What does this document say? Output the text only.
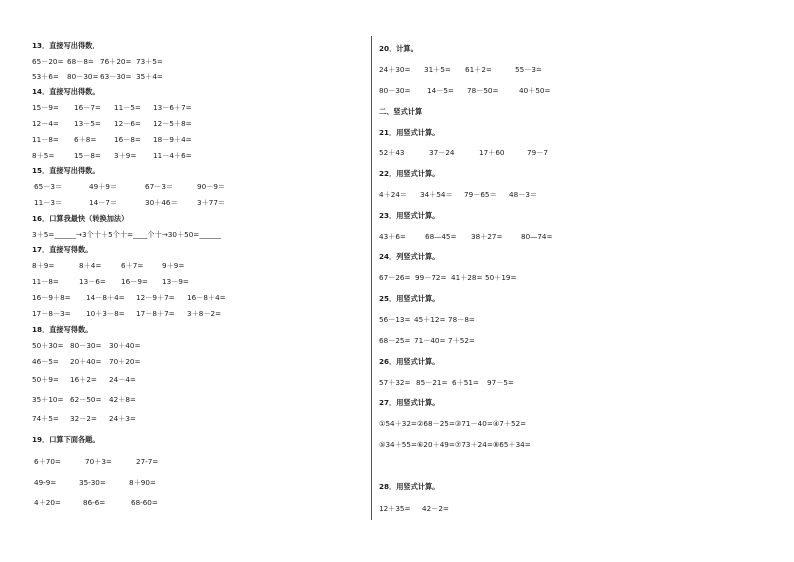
13．直接写出得数．
65－20= 68－8= 76＋20= 73＋5=
53＋6= 80－30= 63－30= 35＋4=
14．直接写出得数。
15－9= 16－7= 11－5= 13－6＋7=
12－4= 13－5= 12－6= 12－5＋8=
11－8= 6＋8= 16－8= 18－9＋4=
8＋5=	15－8= 3＋9= 11－4＋6=
15．直接写出得数。
65－3＝	49＋9＝	67－3＝	90－9＝
11－3＝	14－7＝	30＋46＝	3＋77＝
16．口算我最快（转换加法）
3＋5=______→3个十＋5个十=____个十→30＋50=______
17．直接写得数。
8＋9=	8＋4=	6＋7=	9＋9=
11－8=	13－6= 16－9= 13－9=
16－9＋8= 14－8＋4= 12－9＋7= 16－8＋4=
17－8－3= 10＋3－8= 17－8＋7= 3＋8－2=
18．直接写得数。
50＋30= 80－30= 30＋40=
46－5= 20＋40= 70＋20=
50＋9= 16＋2= 24－4=
35＋10= 62－50= 42＋8=
74＋5= 32－2= 24＋3=
19．口算下面各题。
6＋70=	70＋3=	27-7=
49-9=	35-30=	8＋90=
4＋20=	86-6=	68-60=
20．计算。
24＋30= 31＋5= 61＋2=	55－3=
80－30= 14－5= 78－50=	40＋50=
二、竖式计算
21．用竖式计算。
52＋43	37－24	17＋60	79－7
22．用竖式计算。
4＋24＝ 34＋54＝ 79－65＝ 48－3＝
23．用竖式计算。
43＋6=	68—45= 38＋27=	80—74=
24．列竖式计算。
67－26= 99－72= 41＋28= 50＋19=
25．用竖式计算。
56－13= 45＋12= 78－8=
68－25= 71－40= 7＋52=
26．用竖式计算。
57＋32= 85－21= 6＋51= 97－5=
27．用竖式计算。
①54＋32=②68－25=③71－40=④7＋52=
⑤34＋55=⑥20＋49=⑦73＋24=⑧65＋34=
28．用竖式计算。
12＋35= 42－2=
